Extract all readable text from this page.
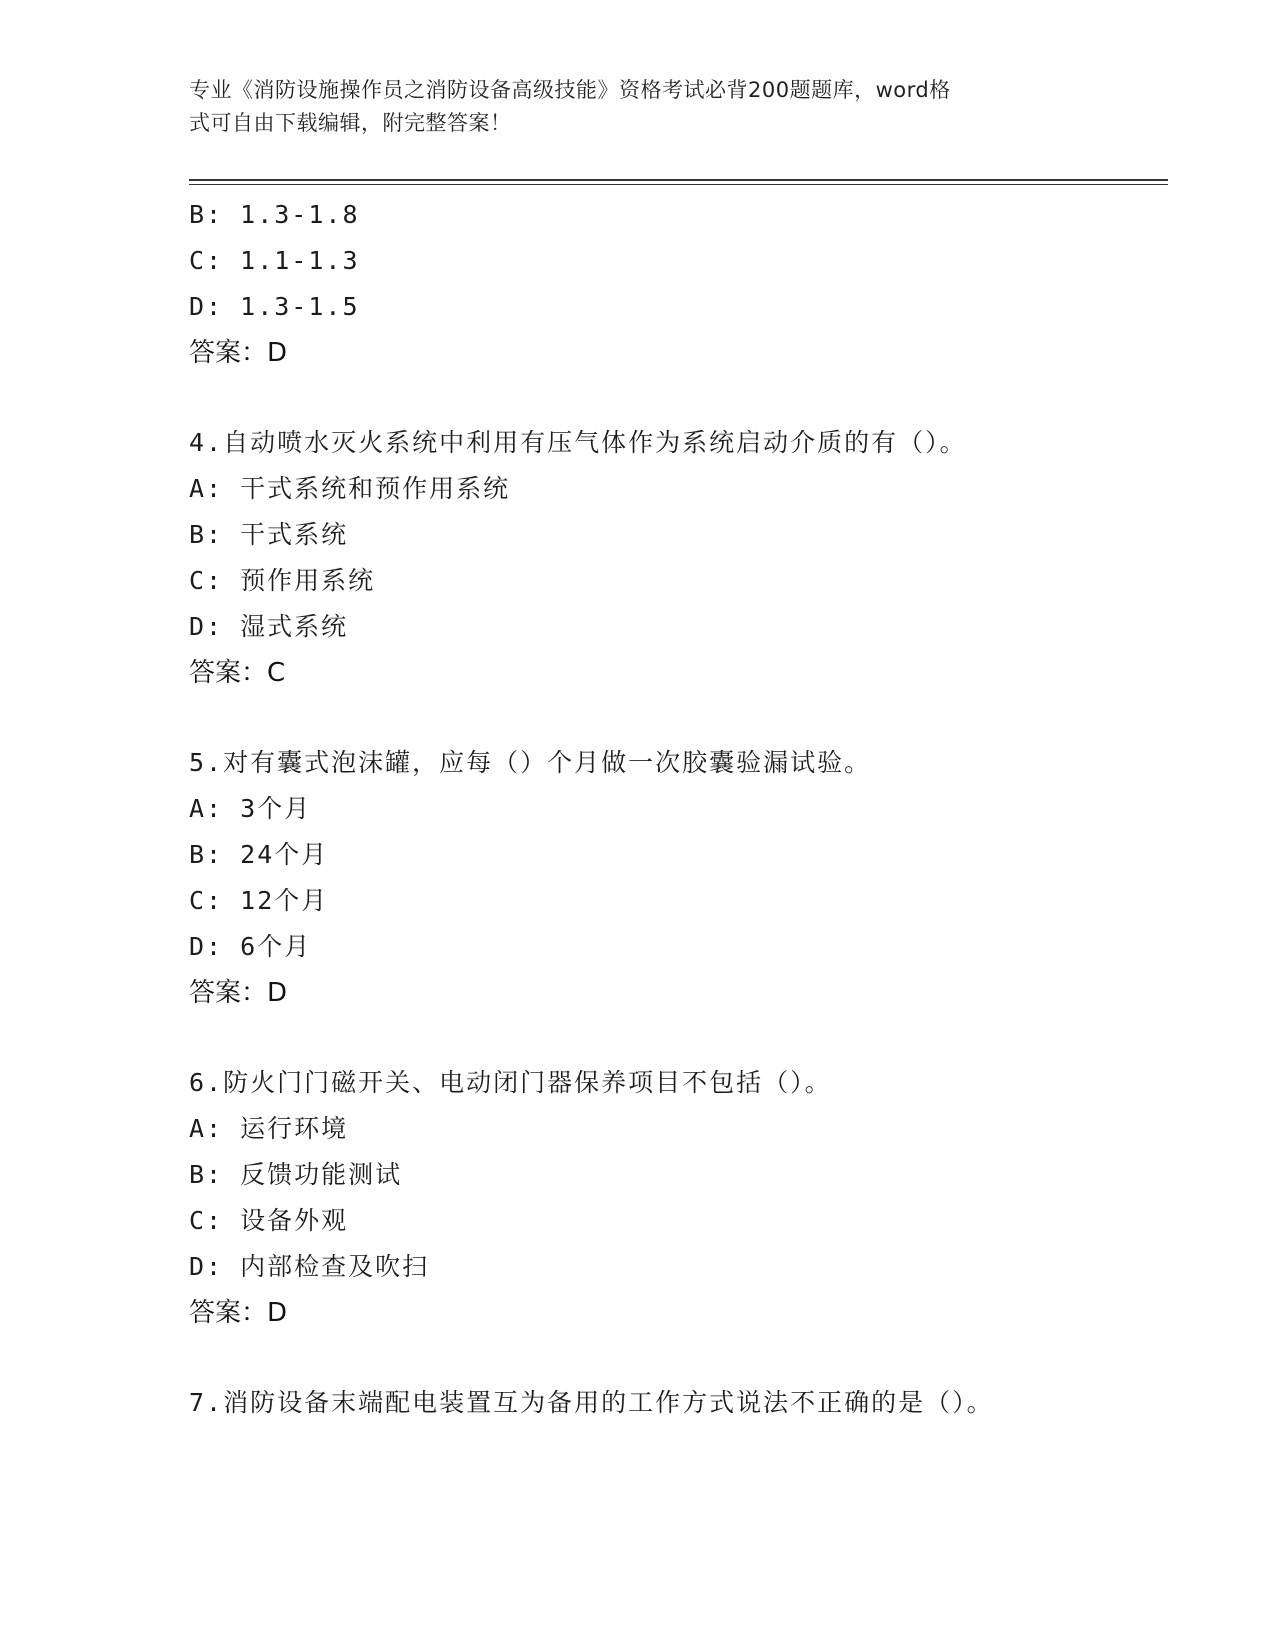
专业《消防设施操作员之消防设备高级技能》资格考试必背200题题库，word格
式可自由下载编辑，附完整答案！
B: 1.3-1.8
C: 1.1-1.3
D: 1.3-1.5
答案：D
4.自动喷水灭火系统中利用有压气体作为系统启动介质的有（）。
A: 干式系统和预作用系统
B: 干式系统
C: 预作用系统
D: 湿式系统
答案：C
5.对有囊式泡沫罐，应每（）个月做一次胶囊验漏试验。
A: 3个月
B: 24个月
C: 12个月
D: 6个月
答案：D
6.防火门门磁开关、电动闭门器保养项目不包括（）。
A: 运行环境
B: 反馈功能测试
C: 设备外观
D: 内部检查及吹扫
答案：D
7.消防设备末端配电装置互为备用的工作方式说法不正确的是（）。
